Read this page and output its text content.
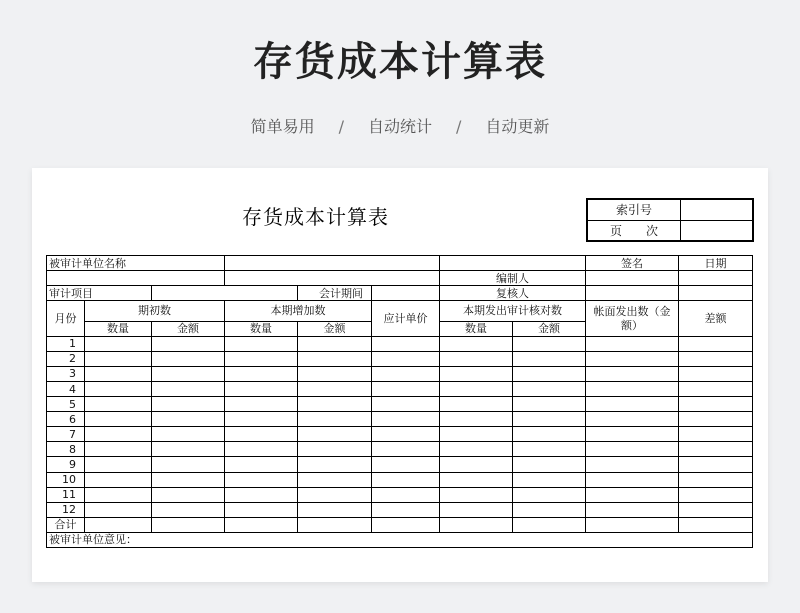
存货成本计算表
简单易用 / 自动统计 / 自动更新
存货成本计算表	索引号	
页　　次	
被审计单位名称								签名	日期
						编制人			
审计项目				会计期间		复核人			
月份	期初数		本期增加数		应计单价	本期发出审计核对数		帐面发出数（金额）	差额
	数量	金额	数量	金额		数量	金额		
1									
2									
3									
4									
5									
6									
7									
8									
9									
10									
11									
12									
合计									
被审计单位意见：									
